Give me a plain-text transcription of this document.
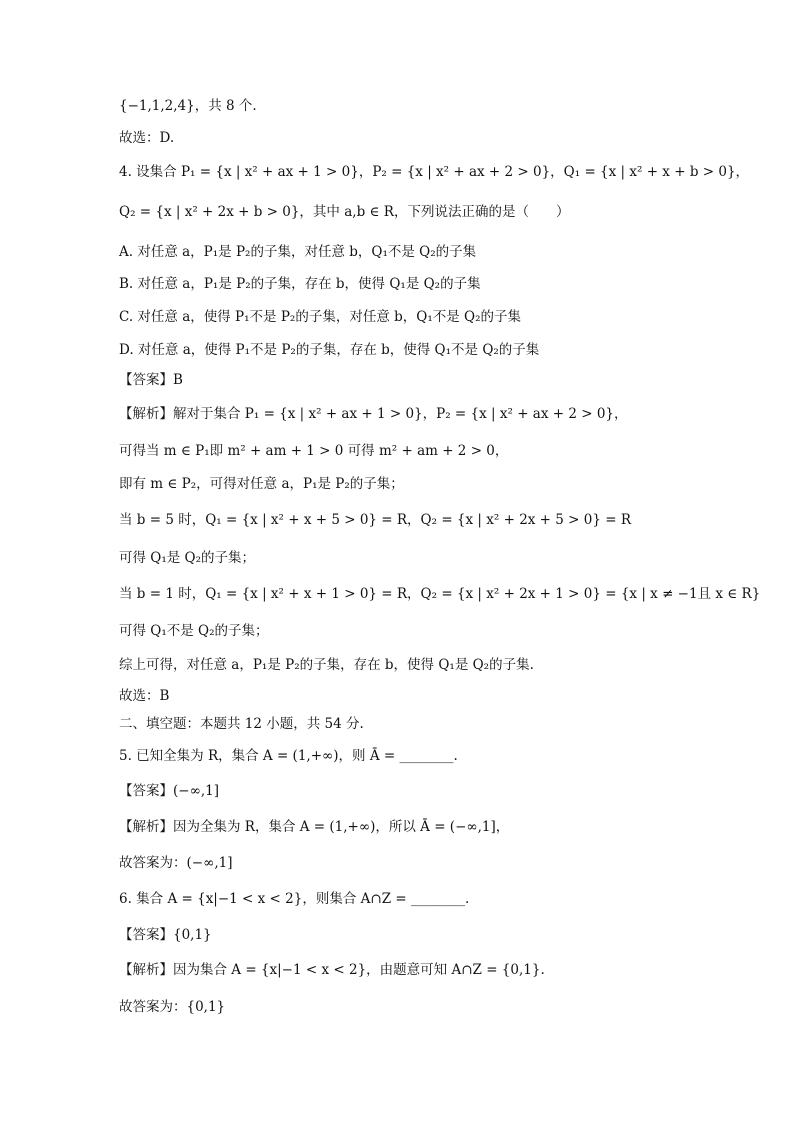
{−1,1,2,4}，共 8 个.
故选：D.
4. 设集合 P₁ = {x | x² + ax + 1 > 0}，P₂ = {x | x² + ax + 2 > 0}，Q₁ = {x | x² + x + b > 0}，
Q₂ = {x | x² + 2x + b > 0}，其中 a,b ∈ R，下列说法正确的是（　　）
A. 对任意 a，P₁是 P₂的子集，对任意 b，Q₁不是 Q₂的子集
B. 对任意 a，P₁是 P₂的子集，存在 b，使得 Q₁是 Q₂的子集
C. 对任意 a，使得 P₁不是 P₂的子集，对任意 b，Q₁不是 Q₂的子集
D. 对任意 a，使得 P₁不是 P₂的子集，存在 b，使得 Q₁不是 Q₂的子集
【答案】B
【解析】解对于集合 P₁ = {x | x² + ax + 1 > 0}，P₂ = {x | x² + ax + 2 > 0}，
可得当 m ∈ P₁即 m² + am + 1 > 0 可得 m² + am + 2 > 0，
即有 m ∈ P₂，可得对任意 a，P₁是 P₂的子集；
当 b = 5 时，Q₁ = {x | x² + x + 5 > 0} = R，Q₂ = {x | x² + 2x + 5 > 0} = R
可得 Q₁是 Q₂的子集；
当 b = 1 时，Q₁ = {x | x² + x + 1 > 0} = R，Q₂ = {x | x² + 2x + 1 > 0} = {x | x ≠ −1且 x ∈ R}
可得 Q₁不是 Q₂的子集；
综上可得，对任意 a，P₁是 P₂的子集，存在 b，使得 Q₁是 Q₂的子集.
故选：B
二、填空题：本题共 12 小题，共 54 分.
5. 已知全集为 R，集合 A = (1,+∞)，则 Ā = ________.
【答案】(−∞,1]
【解析】因为全集为 R，集合 A = (1,+∞)，所以 Ā = (−∞,1]，
故答案为：(−∞,1]
6. 集合 A = {x|−1 < x < 2}，则集合 A∩Z = ________.
【答案】{0,1}
【解析】因为集合 A = {x|−1 < x < 2}，由题意可知 A∩Z = {0,1}.
故答案为：{0,1}
